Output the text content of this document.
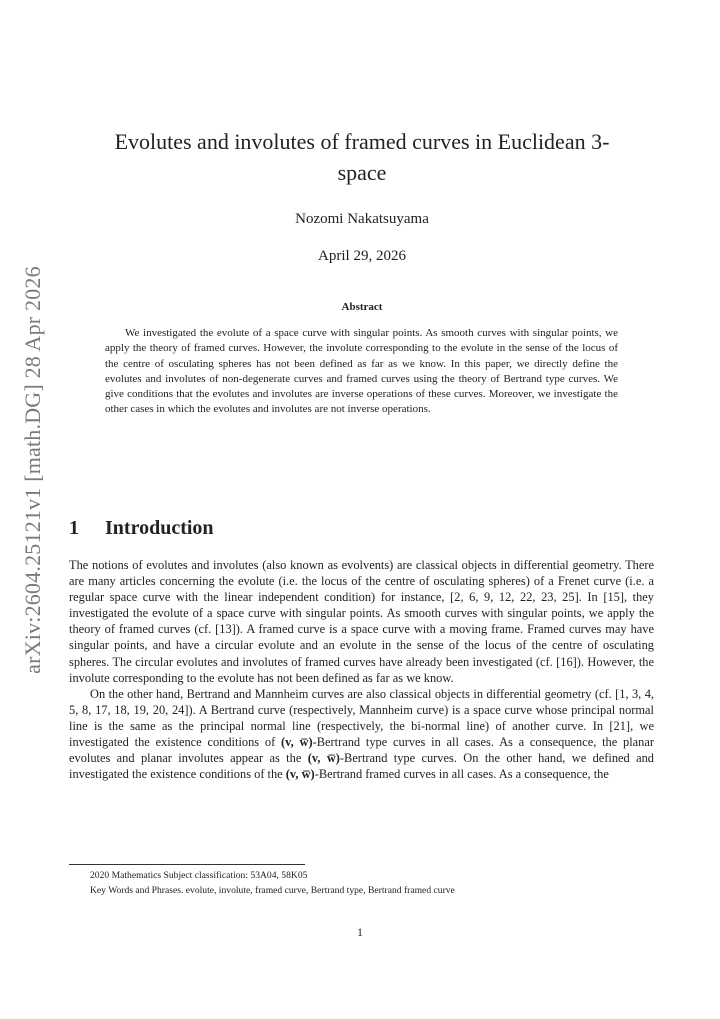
arXiv:2604.25121v1 [math.DG] 28 Apr 2026
Evolutes and involutes of framed curves in Euclidean 3-space
Nozomi Nakatsuyama
April 29, 2026
Abstract
We investigated the evolute of a space curve with singular points. As smooth curves with singular points, we apply the theory of framed curves. However, the involute corresponding to the evolute in the sense of the locus of the centre of osculating spheres has not been defined as far as we know. In this paper, we directly define the evolutes and involutes of non-degenerate curves and framed curves using the theory of Bertrand type curves. We give conditions that the evolutes and involutes are inverse operations of these curves. Moreover, we investigate the other cases in which the evolutes and involutes are not inverse operations.
1 Introduction

The notions of evolutes and involutes (also known as evolvents) are classical objects in differential geometry. There are many articles concerning the evolute (i.e. the locus of the centre of osculating spheres) of a Frenet curve (i.e. a regular space curve with the linear independent condition) for instance, [2, 6, 9, 12, 22, 23, 25]. In [15], they investigated the evolute of a space curve with singular points. As smooth curves with singular points, we apply the theory of framed curves (cf. [13]). A framed curve is a space curve with a moving frame. Framed curves may have singular points, and have a circular evolute and an evolute in the sense of the locus of the centre of osculating spheres. The circular evolutes and involutes of framed curves have already been investigated (cf. [16]). However, the involute corresponding to the evolute has not been defined as far as we know.

On the other hand, Bertrand and Mannheim curves are also classical objects in differential geometry (cf. [1, 3, 4, 5, 8, 17, 18, 19, 20, 24]). A Bertrand curve (respectively, Mannheim curve) is a space curve whose principal normal line is the same as the principal normal line (respectively, the bi-normal line) of another curve. In [21], we investigated the existence conditions of (v, w̅)-Bertrand type curves in all cases. As a consequence, the planar evolutes and planar involutes appear as the (v, w̅)-Bertrand type curves. On the other hand, we defined and investigated the existence conditions of the (v, w̅)-Bertrand framed curves in all cases. As a consequence, the

2020 Mathematics Subject classification: 53A04, 58K05
Key Words and Phrases. evolute, involute, framed curve, Bertrand type, Bertrand framed curve
1
